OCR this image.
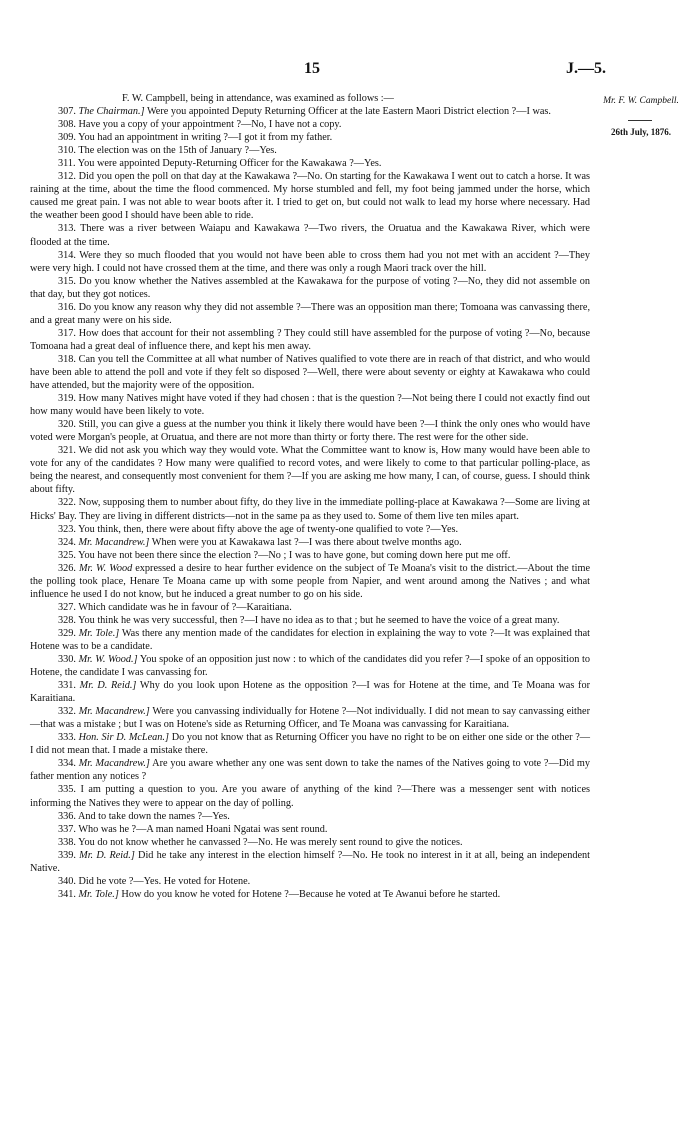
15	J.—5.
Mr. F. W. Campbell.
26th July, 1876.

F. W. Campbell, being in attendance, was examined as follows :—

307. The Chairman.] Were you appointed Deputy Returning Officer at the late Eastern Maori District election ?—I was.

308. Have you a copy of your appointment ?—No, I have not a copy.

309. You had an appointment in writing ?—I got it from my father.

310. The election was on the 15th of January ?—Yes.

311. You were appointed Deputy-Returning Officer for the Kawakawa ?—Yes.

312. Did you open the poll on that day at the Kawakawa ?—No. On starting for the Kawakawa I went out to catch a horse. It was raining at the time, about the time the flood commenced. My horse stumbled and fell, my foot being jammed under the horse, which caused me great pain. I was not able to wear boots after it. I tried to get on, but could not walk to lead my horse where necessary. Had the weather been good I should have been able to ride.

313. There was a river between Waiapu and Kawakawa ?—Two rivers, the Oruatua and the Kawakawa River, which were flooded at the time.

314. Were they so much flooded that you would not have been able to cross them had you not met with an accident ?—They were very high. I could not have crossed them at the time, and there was only a rough Maori track over the hill.

315. Do you know whether the Natives assembled at the Kawakawa for the purpose of voting ?—No, they did not assemble on that day, but they got notices.

316. Do you know any reason why they did not assemble ?—There was an opposition man there; Tomoana was canvassing there, and a great many were on his side.

317. How does that account for their not assembling ? They could still have assembled for the purpose of voting ?—No, because Tomoana had a great deal of influence there, and kept his men away.

318. Can you tell the Committee at all what number of Natives qualified to vote there are in reach of that district, and who would have been able to attend the poll and vote if they felt so disposed ?—Well, there were about seventy or eighty at Kawakawa who could have attended, but the majority were of the opposition.

319. How many Natives might have voted if they had chosen : that is the question ?—Not being there I could not exactly find out how many would have been likely to vote.

320. Still, you can give a guess at the number you think it likely there would have been ?—I think the only ones who would have voted were Morgan's people, at Oruatua, and there are not more than thirty or forty there. The rest were for the other side.

321. We did not ask you which way they would vote. What the Committee want to know is, How many would have been able to vote for any of the candidates ? How many were qualified to record votes, and were likely to come to that particular polling-place, as being the nearest, and consequently most convenient for them ?—If you are asking me how many, I can, of course, guess. I should think about fifty.

322. Now, supposing them to number about fifty, do they live in the immediate polling-place at Kawakawa ?—Some are living at Hicks' Bay. They are living in different districts—not in the same pa as they used to. Some of them live ten miles apart.

323. You think, then, there were about fifty above the age of twenty-one qualified to vote ?—Yes.

324. Mr. Macandrew.] When were you at Kawakawa last ?—I was there about twelve months ago.

325. You have not been there since the election ?—No ; I was to have gone, but coming down here put me off.

326. Mr. W. Wood expressed a desire to hear further evidence on the subject of Te Moana's visit to the district.—About the time the polling took place, Henare Te Moana came up with some people from Napier, and went around among the Natives ; and what influence he used I do not know, but he induced a great number to go on his side.

327. Which candidate was he in favour of ?—Karaitiana.

328. You think he was very successful, then ?—I have no idea as to that ; but he seemed to have the voice of a great many.

329. Mr. Tole.] Was there any mention made of the candidates for election in explaining the way to vote ?—It was explained that Hotene was to be a candidate.

330. Mr. W. Wood.] You spoke of an opposition just now : to which of the candidates did you refer ?—I spoke of an opposition to Hotene, the candidate I was canvassing for.

331. Mr. D. Reid.] Why do you look upon Hotene as the opposition ?—I was for Hotene at the time, and Te Moana was for Karaitiana.

332. Mr. Macandrew.] Were you canvassing individually for Hotene ?—Not individually. I did not mean to say canvassing either—that was a mistake ; but I was on Hotene's side as Returning Officer, and Te Moana was canvassing for Karaitiana.

333. Hon. Sir D. McLean.] Do you not know that as Returning Officer you have no right to be on either one side or the other ?—I did not mean that. I made a mistake there.

334. Mr. Macandrew.] Are you aware whether any one was sent down to take the names of the Natives going to vote ?—Did my father mention any notices ?

335. I am putting a question to you. Are you aware of anything of the kind ?—There was a messenger sent with notices informing the Natives they were to appear on the day of polling.

336. And to take down the names ?—Yes.

337. Who was he ?—A man named Hoani Ngatai was sent round.

338. You do not know whether he canvassed ?—No. He was merely sent round to give the notices.

339. Mr. D. Reid.] Did he take any interest in the election himself ?—No. He took no interest in it at all, being an independent Native.

340. Did he vote ?—Yes. He voted for Hotene.

341. Mr. Tole.] How do you know he voted for Hotene ?—Because he voted at Te Awanui before he started.
